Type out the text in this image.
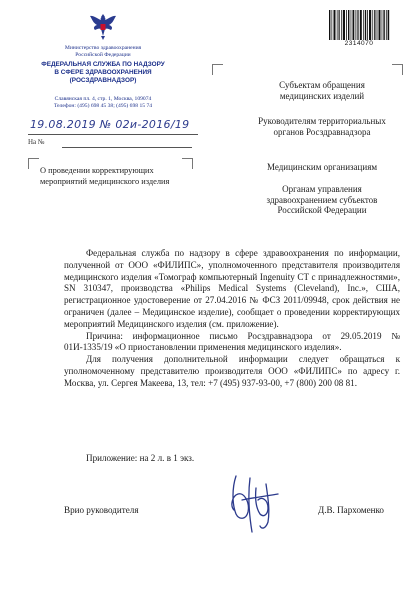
Министерство здравоохранения
Российской Федерации
ФЕДЕРАЛЬНАЯ СЛУЖБА ПО НАДЗОРУ
В СФЕРЕ ЗДРАВООХРАНЕНИЯ
(РОСЗДРАВНАДЗОР)
Славянская пл. 4, стр. 1, Москва, 109074
Телефон: (495) 698 45 38; (495) 698 15 74
19.08.2019 № 02и-2016/19
На №
О проведении корректирующих мероприятий медицинского изделия
2314070
Субъектам обращения медицинских изделий
Руководителям территориальных органов Росздравнадзора
Медицинским организациям
Органам управления здравоохранением субъектов Российской Федерации

Федеральная служба по надзору в сфере здравоохранения по информации, полученной от ООО «ФИЛИПС», уполномоченного представителя производителя медицинского изделия «Томограф компьютерный Ingenuity CT с принадлежностями», SN 310347, производства «Philips Medical Systems (Cleveland), Inc.», США, регистрационное удостоверение от 27.04.2016 № ФСЗ 2011/09948, срок действия не ограничен (далее – Медицинское изделие), сообщает о проведении корректирующих мероприятий Медицинского изделия (см. приложение).

Причина: информационное письмо Росздравнадзора от 29.05.2019 № 01И-1335/19 «О приостановлении применения медицинского изделия».

Для получения дополнительной информации следует обращаться к уполномоченному представителю производителя ООО «ФИЛИПС» по адресу г. Москва, ул. Сергея Макеева, 13, тел: +7 (495) 937-93-00, +7 (800) 200 08 81.

Приложение: на 2 л. в 1 экз.
Врио руководителя	Д.В. Пархоменко
